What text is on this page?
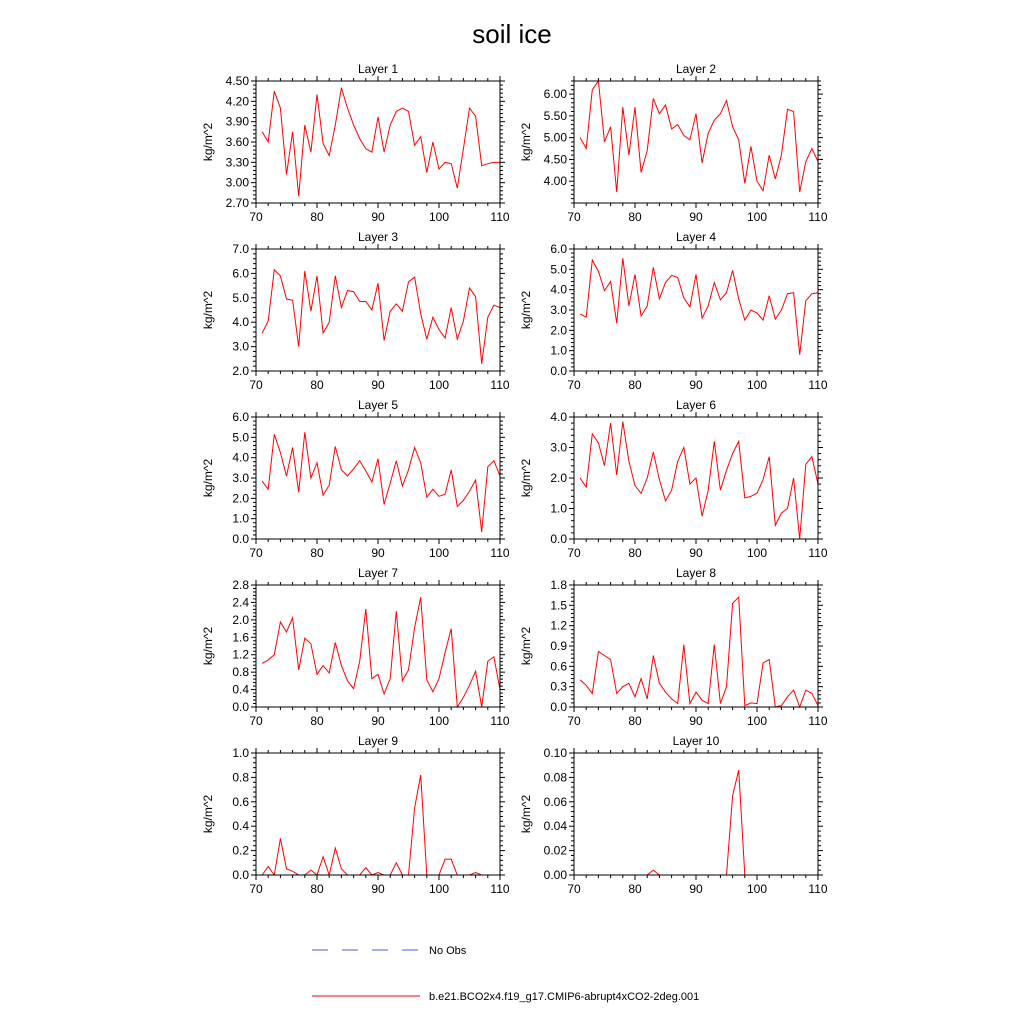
soil ice
Layer 1
kg/m^2
70	80	90	100	110
2.70
3.00
3.30
3.60
3.90
4.20
4.50
Layer 2
kg/m^2
70	80	90	100	110
4.00
4.50
5.00
5.50
6.00
Layer 3
kg/m^2
70	80	90	100	110
2.0
3.0
4.0
5.0
6.0
7.0
Layer 4
kg/m^2
70	80	90	100	110
0.0
1.0
2.0
3.0
4.0
5.0
6.0
Layer 5
kg/m^2
70	80	90	100	110
0.0
1.0
2.0
3.0
4.0
5.0
6.0
Layer 6
kg/m^2
70	80	90	100	110
0.0
1.0
2.0
3.0
4.0
Layer 7
kg/m^2
70	80	90	100	110
0.0
0.4
0.8
1.2
1.6
2.0
2.4
2.8
Layer 8
kg/m^2
70	80	90	100	110
0.0
0.3
0.6
0.9
1.2
1.5
1.8
Layer 9
kg/m^2
70	80	90	100	110
0.0
0.2
0.4
0.6
0.8
1.0
Layer 10
kg/m^2
70	80	90	100	110
0.00
0.02
0.04
0.06
0.08
0.10
No Obs
b.e21.BCO2x4.f19_g17.CMIP6-abrupt4xCO2-2deg.001
